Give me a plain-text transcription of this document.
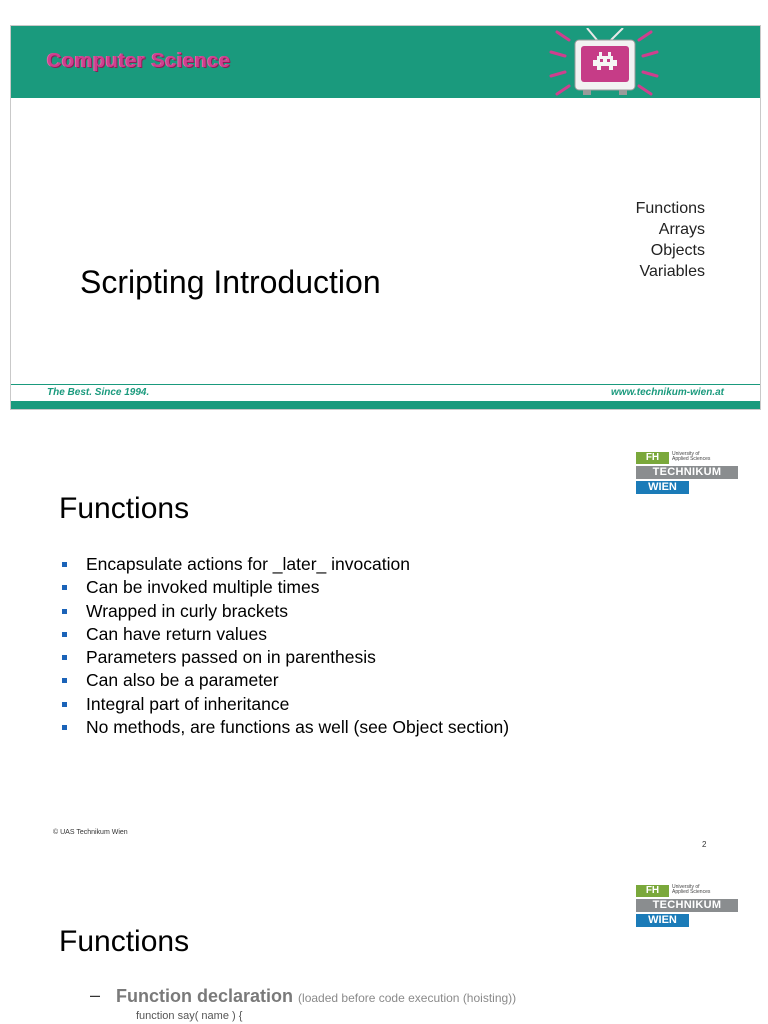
Computer Science
Scripting Introduction
Functions
Arrays
Objects
Variables
The Best. Since 1994.	www.technikum-wien.at
FH	University of
Applied Sciences
TECHNIKUM
WIEN
Functions
Encapsulate actions for _later_ invocation
Can be invoked multiple times
Wrapped in curly brackets
Can have return values
Parameters passed on in parenthesis
Can also be a parameter
Integral part of inheritance
No methods, are functions as well (see Object section)
© UAS Technikum Wien
2
FH	University of
Applied Sciences
TECHNIKUM
WIEN
Functions
– Function declaration (loaded before code execution (hoisting))
function say( name ) {
